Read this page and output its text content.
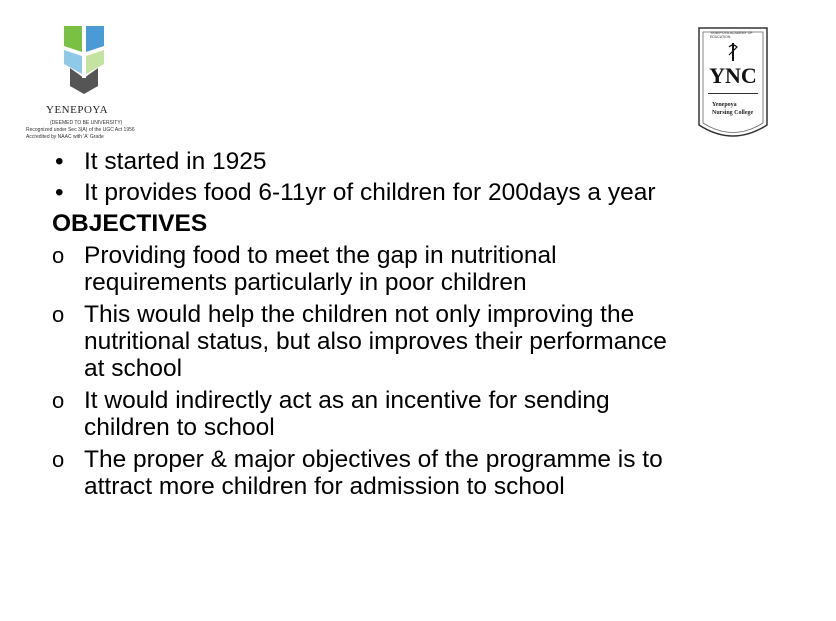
YENEPOYA
(DEEMED TO BE UNIVERSITY)
Recognized under Sec 3(A) of the UGC Act 1956
Accredited by NAAC with 'A' Grade
YNC
YENEPOYA ACADEMY OF EDUCATION
Yenepoya
Nursing College
• It started in 1925
• It provides food 6-11yr of children for 200days a year
OBJECTIVES
o Providing food to meet the gap in nutritional
requirements particularly in poor children
o This would help the children not only improving the
nutritional status, but also improves their performance
at school
o It would indirectly act as an incentive for sending
children to school
o The proper & major objectives of the programme is to
attract more children for admission to school
